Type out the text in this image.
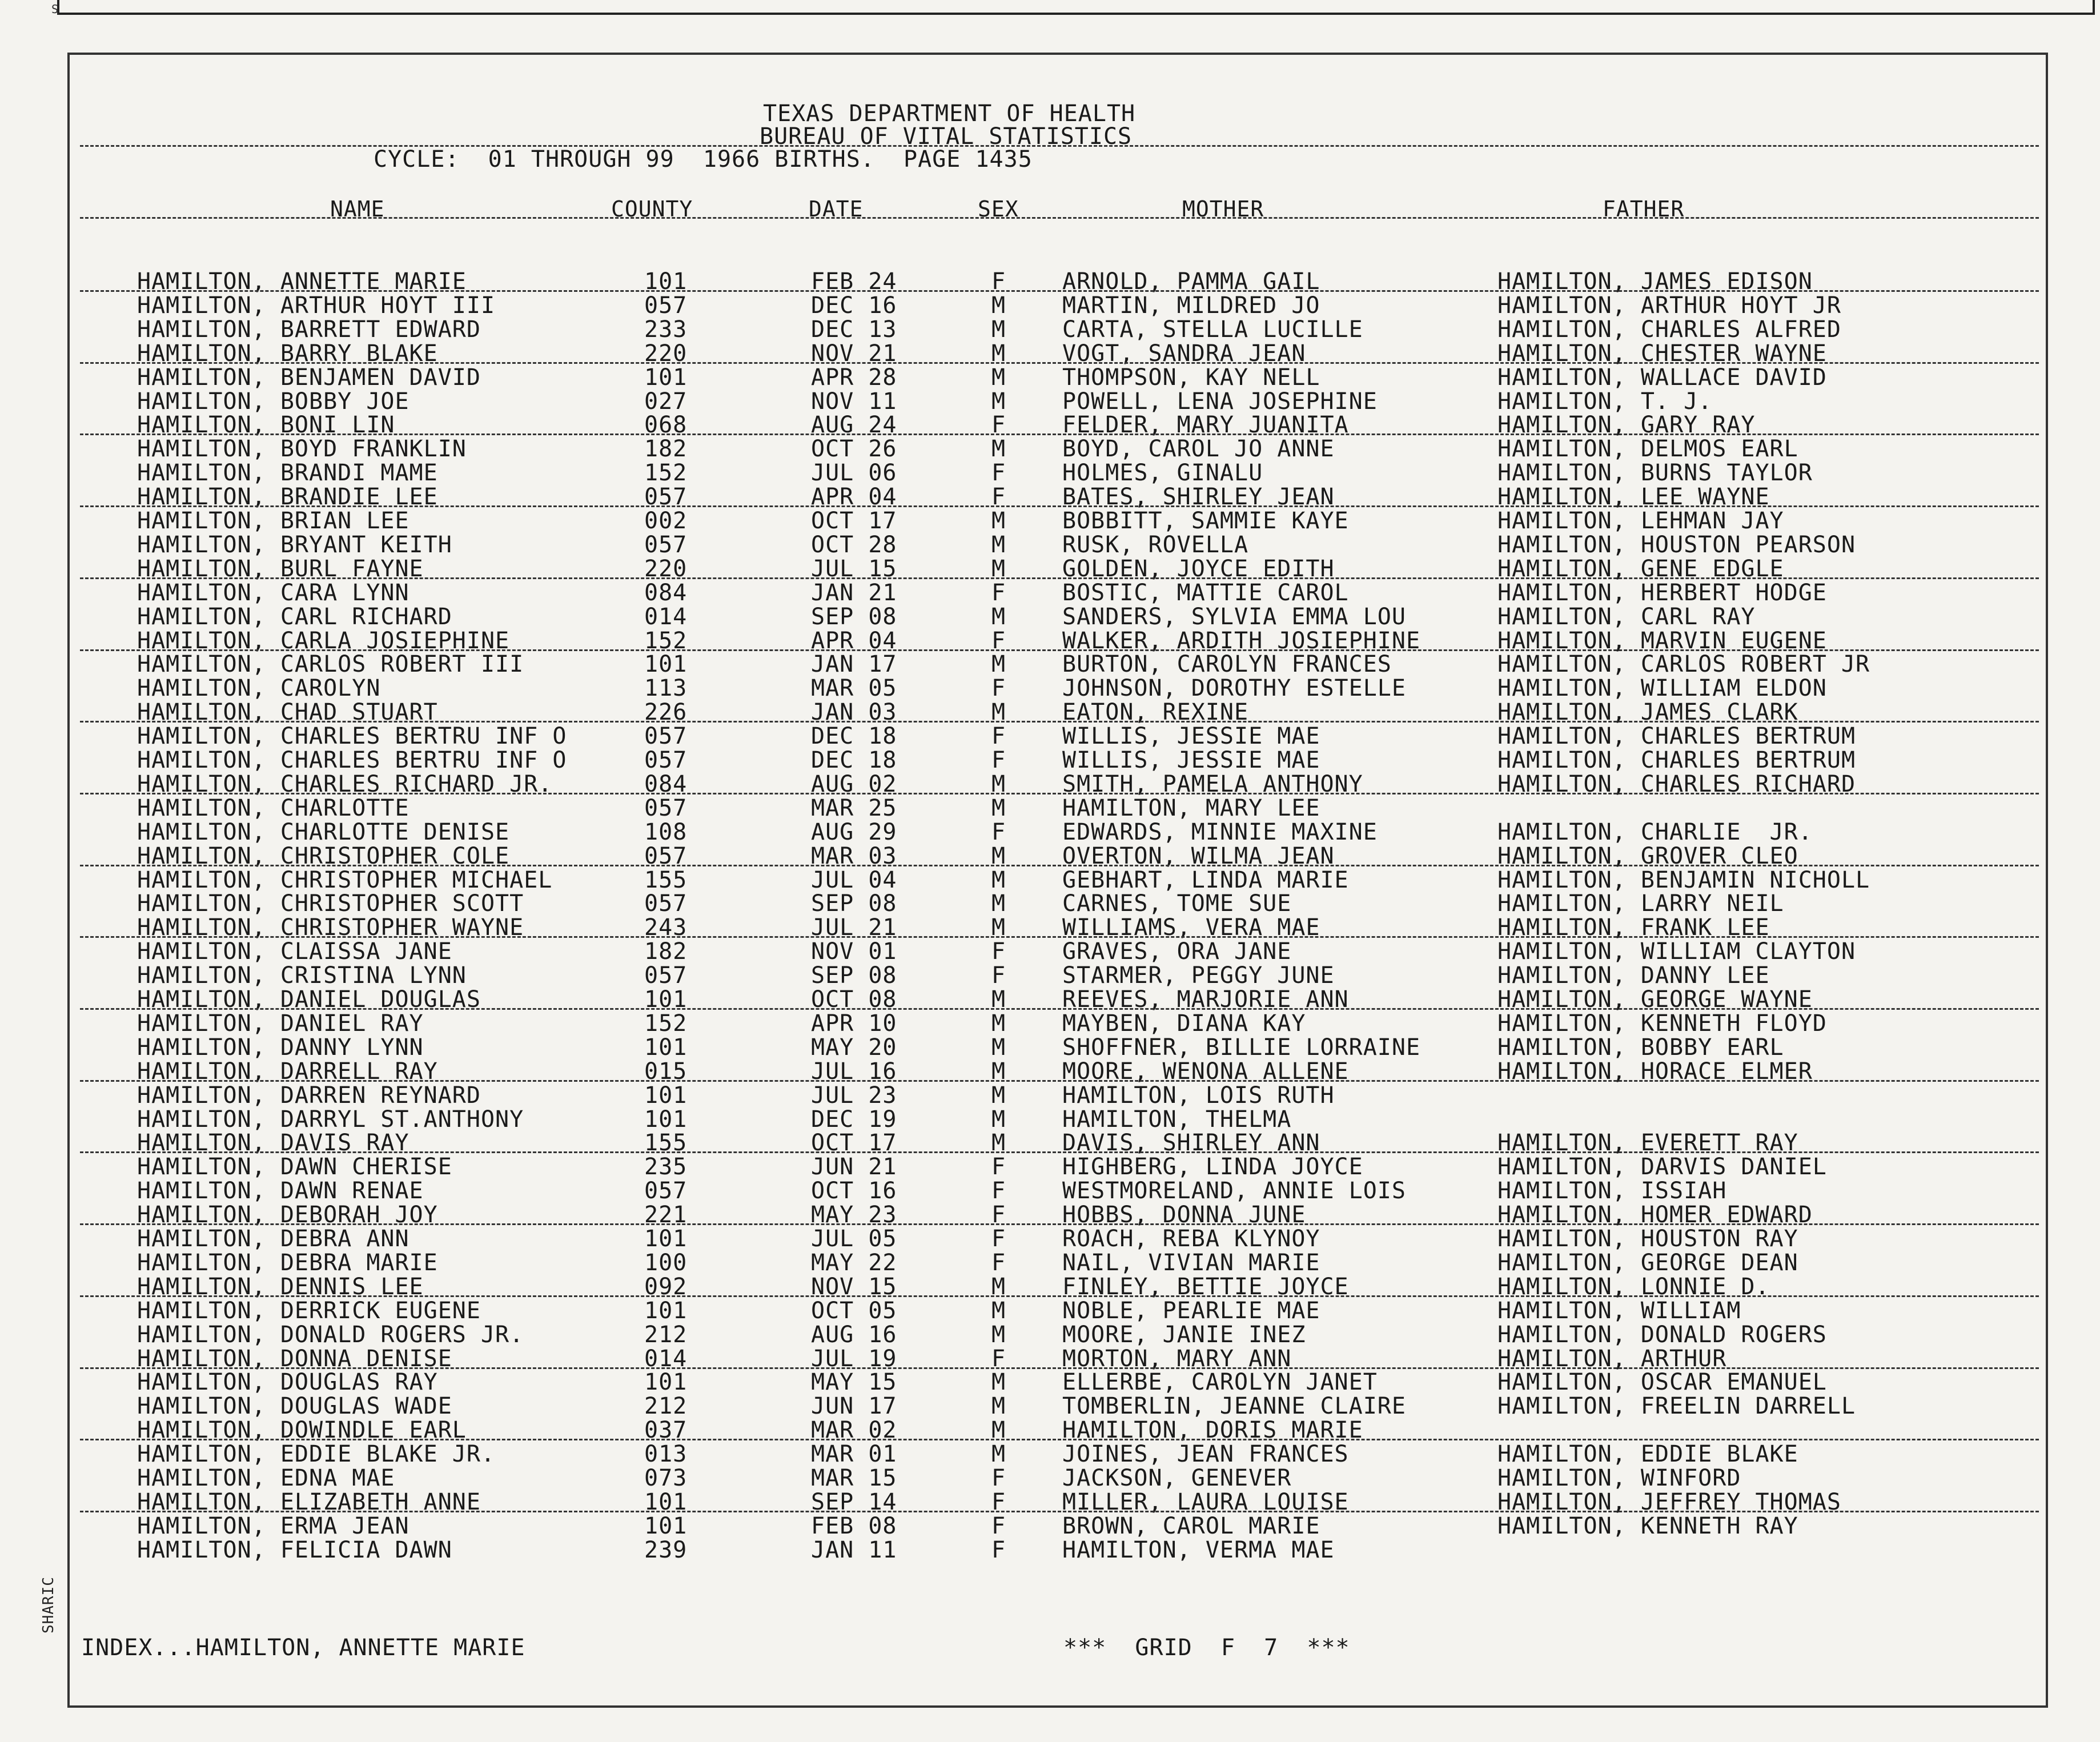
S
SHARIC
TEXAS DEPARTMENT OF HEALTH
BUREAU OF VITAL STATISTICS
CYCLE:  01 THROUGH 99  1966 BIRTHS.  PAGE 1435
NAME	COUNTY	DATE	SEX	MOTHER	FATHER
HAMILTON, ANNETTE MARIE	101	FEB 24	F ARNOLD, PAMMA GAIL	HAMILTON, JAMES EDISON
HAMILTON, ARTHUR HOYT III	057	DEC 16	M MARTIN, MILDRED JO	HAMILTON, ARTHUR HOYT JR
HAMILTON, BARRETT EDWARD	233	DEC 13	M CARTA, STELLA LUCILLE	HAMILTON, CHARLES ALFRED
HAMILTON, BARRY BLAKE	220	NOV 21	M VOGT, SANDRA JEAN	HAMILTON, CHESTER WAYNE
HAMILTON, BENJAMEN DAVID	101	APR 28	M THOMPSON, KAY NELL	HAMILTON, WALLACE DAVID
HAMILTON, BOBBY JOE	027	NOV 11	M POWELL, LENA JOSEPHINE	HAMILTON, T. J.
HAMILTON, BONI LIN	068	AUG 24	F FELDER, MARY JUANITA	HAMILTON, GARY RAY
HAMILTON, BOYD FRANKLIN	182	OCT 26	M BOYD, CAROL JO ANNE	HAMILTON, DELMOS EARL
HAMILTON, BRANDI MAME	152	JUL 06	F HOLMES, GINALU	HAMILTON, BURNS TAYLOR
HAMILTON, BRANDIE LEE	057	APR 04	F BATES, SHIRLEY JEAN	HAMILTON, LEE WAYNE
HAMILTON, BRIAN LEE	002	OCT 17	M BOBBITT, SAMMIE KAYE	HAMILTON, LEHMAN JAY
HAMILTON, BRYANT KEITH	057	OCT 28	M RUSK, ROVELLA	HAMILTON, HOUSTON PEARSON
HAMILTON, BURL FAYNE	220	JUL 15	M GOLDEN, JOYCE EDITH	HAMILTON, GENE EDGLE
HAMILTON, CARA LYNN	084	JAN 21	F BOSTIC, MATTIE CAROL	HAMILTON, HERBERT HODGE
HAMILTON, CARL RICHARD	014	SEP 08	M SANDERS, SYLVIA EMMA LOU	HAMILTON, CARL RAY
HAMILTON, CARLA JOSIEPHINE	152	APR 04	F WALKER, ARDITH JOSIEPHINE	HAMILTON, MARVIN EUGENE
HAMILTON, CARLOS ROBERT III	101	JAN 17	M BURTON, CAROLYN FRANCES	HAMILTON, CARLOS ROBERT JR
HAMILTON, CAROLYN	113	MAR 05	F JOHNSON, DOROTHY ESTELLE	HAMILTON, WILLIAM ELDON
HAMILTON, CHAD STUART	226	JAN 03	M EATON, REXINE	HAMILTON, JAMES CLARK
HAMILTON, CHARLES BERTRU INF O	057	DEC 18	F WILLIS, JESSIE MAE	HAMILTON, CHARLES BERTRUM
HAMILTON, CHARLES BERTRU INF O	057	DEC 18	F WILLIS, JESSIE MAE	HAMILTON, CHARLES BERTRUM
HAMILTON, CHARLES RICHARD JR.	084	AUG 02	M SMITH, PAMELA ANTHONY	HAMILTON, CHARLES RICHARD
HAMILTON, CHARLOTTE	057	MAR 25	M HAMILTON, MARY LEE
HAMILTON, CHARLOTTE DENISE	108	AUG 29	F EDWARDS, MINNIE MAXINE	HAMILTON, CHARLIE  JR.
HAMILTON, CHRISTOPHER COLE	057	MAR 03	M OVERTON, WILMA JEAN	HAMILTON, GROVER CLEO
HAMILTON, CHRISTOPHER MICHAEL	155	JUL 04	M GEBHART, LINDA MARIE	HAMILTON, BENJAMIN NICHOLL
HAMILTON, CHRISTOPHER SCOTT	057	SEP 08	M CARNES, TOME SUE	HAMILTON, LARRY NEIL
HAMILTON, CHRISTOPHER WAYNE	243	JUL 21	M WILLIAMS, VERA MAE	HAMILTON, FRANK LEE
HAMILTON, CLAISSA JANE	182	NOV 01	F GRAVES, ORA JANE	HAMILTON, WILLIAM CLAYTON
HAMILTON, CRISTINA LYNN	057	SEP 08	F STARMER, PEGGY JUNE	HAMILTON, DANNY LEE
HAMILTON, DANIEL DOUGLAS	101	OCT 08	M REEVES, MARJORIE ANN	HAMILTON, GEORGE WAYNE
HAMILTON, DANIEL RAY	152	APR 10	M MAYBEN, DIANA KAY	HAMILTON, KENNETH FLOYD
HAMILTON, DANNY LYNN	101	MAY 20	M SHOFFNER, BILLIE LORRAINE	HAMILTON, BOBBY EARL
HAMILTON, DARRELL RAY	015	JUL 16	M MOORE, WENONA ALLENE	HAMILTON, HORACE ELMER
HAMILTON, DARREN REYNARD	101	JUL 23	M HAMILTON, LOIS RUTH
HAMILTON, DARRYL ST.ANTHONY	101	DEC 19	M HAMILTON, THELMA
HAMILTON, DAVIS RAY	155	OCT 17	M DAVIS, SHIRLEY ANN	HAMILTON, EVERETT RAY
HAMILTON, DAWN CHERISE	235	JUN 21	F HIGHBERG, LINDA JOYCE	HAMILTON, DARVIS DANIEL
HAMILTON, DAWN RENAE	057	OCT 16	F WESTMORELAND, ANNIE LOIS	HAMILTON, ISSIAH
HAMILTON, DEBORAH JOY	221	MAY 23	F HOBBS, DONNA JUNE	HAMILTON, HOMER EDWARD
HAMILTON, DEBRA ANN	101	JUL 05	F ROACH, REBA KLYNOY	HAMILTON, HOUSTON RAY
HAMILTON, DEBRA MARIE	100	MAY 22	F NAIL, VIVIAN MARIE	HAMILTON, GEORGE DEAN
HAMILTON, DENNIS LEE	092	NOV 15	M FINLEY, BETTIE JOYCE	HAMILTON, LONNIE D.
HAMILTON, DERRICK EUGENE	101	OCT 05	M NOBLE, PEARLIE MAE	HAMILTON, WILLIAM
HAMILTON, DONALD ROGERS JR.	212	AUG 16	M MOORE, JANIE INEZ	HAMILTON, DONALD ROGERS
HAMILTON, DONNA DENISE	014	JUL 19	F MORTON, MARY ANN	HAMILTON, ARTHUR
HAMILTON, DOUGLAS RAY	101	MAY 15	M ELLERBE, CAROLYN JANET	HAMILTON, OSCAR EMANUEL
HAMILTON, DOUGLAS WADE	212	JUN 17	M TOMBERLIN, JEANNE CLAIRE	HAMILTON, FREELIN DARRELL
HAMILTON, DOWINDLE EARL	037	MAR 02	M HAMILTON, DORIS MARIE
HAMILTON, EDDIE BLAKE JR.	013	MAR 01	M JOINES, JEAN FRANCES	HAMILTON, EDDIE BLAKE
HAMILTON, EDNA MAE	073	MAR 15	F JACKSON, GENEVER	HAMILTON, WINFORD
HAMILTON, ELIZABETH ANNE	101	SEP 14	F MILLER, LAURA LOUISE	HAMILTON, JEFFREY THOMAS
HAMILTON, ERMA JEAN	101	FEB 08	F BROWN, CAROL MARIE	HAMILTON, KENNETH RAY
HAMILTON, FELICIA DAWN	239	JAN 11	F HAMILTON, VERMA MAE
INDEX...HAMILTON, ANNETTE MARIE	***  GRID  F  7  ***
